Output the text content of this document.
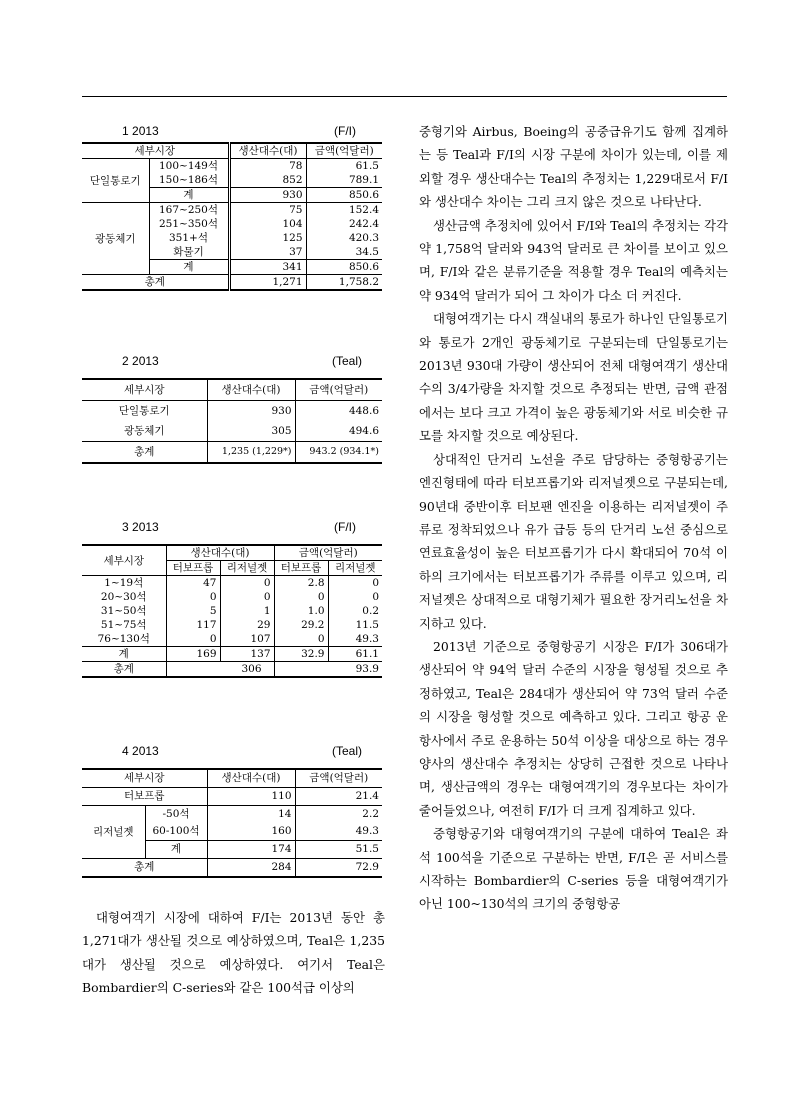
1 2013	(F/I)
세부시장		생산대수(대)	금액(억달러)
단일통로기	100~149석	78	61.5
	150~186석	852	789.1
	계	930	850.6
광동체기	167~250석	75	152.4
	251~350석	104	242.4
	351+석	125	420.3
	화물기	37	34.5
	계	341	850.6
총계		1,271	1,758.2
2 2013	(Teal)
세부시장	생산대수(대)	금액(억달러)
단일통로기	930	448.6
광동체기	305	494.6
총계	1,235 (1,229*)	943.2 (934.1*)
3 2013	(F/I)
세부시장	생산대수(대)		금액(억달러)	
	터보프롭	리저널젯	터보프롭	리저널젯
1~19석	47	0	2.8	0
20~30석	0	0	0	0
31~50석	5	1	1.0	0.2
51~75석	117	29	29.2	11.5
76~130석	0	107	0	49.3
계	169	137	32.9	61.1
총계	306		93.9	
4 2013	(Teal)
세부시장		생산대수(대)	금액(억달러)
터보프롭		110	21.4
리저널젯	-50석	14	2.2
	60-100석	160	49.3
	계	174	51.5
총계		284	72.9

대형여객기 시장에 대하여 F/I는 2013년 동안 총 1,271대가 생산될 것으로 예상하였으며, Teal은 1,235대가 생산될 것으로 예상하였다. 여기서 Teal은 Bombardier의 C-series와 같은 100석급 이상의

중형기와 Airbus, Boeing의 공중급유기도 함께 집계하는 등 Teal과 F/I의 시장 구분에 차이가 있는데, 이를 제외할 경우 생산대수는 Teal의 추정치는 1,229대로서 F/I와 생산대수 차이는 그리 크지 않은 것으로 나타난다.

생산금액 추정치에 있어서 F/I와 Teal의 추정치는 각각 약 1,758억 달러와 943억 달러로 큰 차이를 보이고 있으며, F/I와 같은 분류기준을 적용할 경우 Teal의 예측치는 약 934억 달러가 되어 그 차이가 다소 더 커진다.

대형여객기는 다시 객실내의 통로가 하나인 단일통로기와 통로가 2개인 광동체기로 구분되는데 단일통로기는 2013년 930대 가량이 생산되어 전체 대형여객기 생산대수의 3/4가량을 차지할 것으로 추정되는 반면, 금액 관점에서는 보다 크고 가격이 높은 광동체기와 서로 비슷한 규모를 차지할 것으로 예상된다.

상대적인 단거리 노선을 주로 담당하는 중형항공기는 엔진형태에 따라 터보프롭기와 리저널젯으로 구분되는데, 90년대 중반이후 터보팬 엔진을 이용하는 리저널젯이 주류로 정착되었으나 유가 급등 등의 단거리 노선 중심으로 연료효율성이 높은 터보프롭기가 다시 확대되어 70석 이하의 크기에서는 터보프롭기가 주류를 이루고 있으며, 리저널젯은 상대적으로 대형기체가 필요한 장거리노선을 차지하고 있다.

2013년 기준으로 중형항공기 시장은 F/I가 306대가 생산되어 약 94억 달러 수준의 시장을 형성될 것으로 추정하였고, Teal은 284대가 생산되어 약 73억 달러 수준의 시장을 형성할 것으로 예측하고 있다. 그리고 항공 운항사에서 주로 운용하는 50석 이상을 대상으로 하는 경우 양사의 생산대수 추정치는 상당히 근접한 것으로 나타나며, 생산금액의 경우는 대형여객기의 경우보다는 차이가 줄어들었으나, 여전히 F/I가 더 크게 집계하고 있다.

중형항공기와 대형여객기의 구분에 대하여 Teal은 좌석 100석을 기준으로 구분하는 반면, F/I은 곧 서비스를 시작하는 Bombardier의 C-series 등을 대형여객기가 아닌 100~130석의 크기의 중형항공
